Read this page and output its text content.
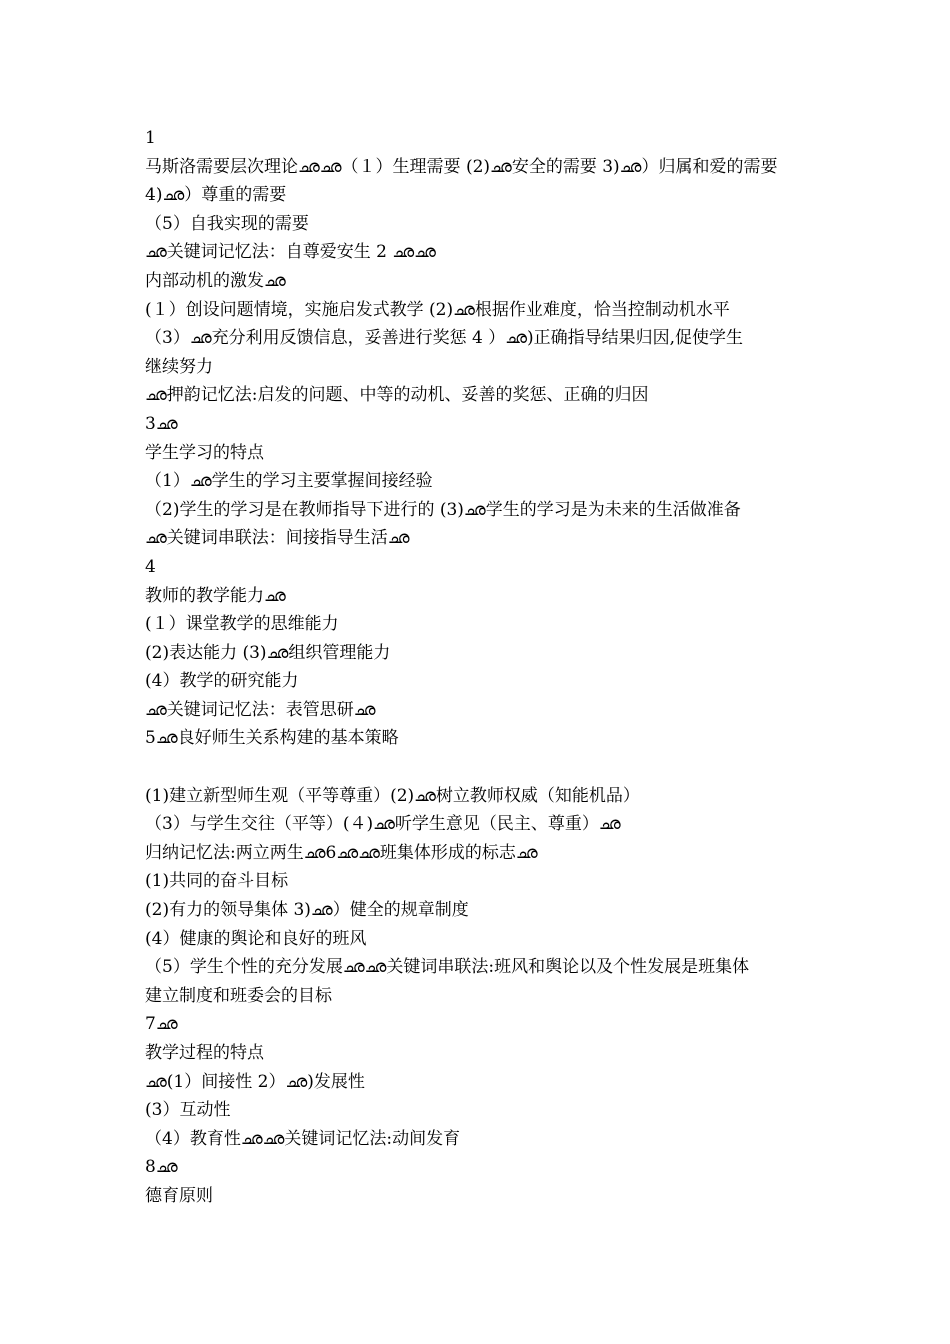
1
马斯洛需要层次理论ഛഛ（１）生理需要 (2)ഛ安全的需要 3)ഛ）归属和爱的需要
4)ഛ）尊重的需要
（5）自我实现的需要
ഛ关键词记忆法：自尊爱安生 2 ഛഛ
内部动机的激发ഛ
(１）创设问题情境，实施启发式教学 (2)ഛ根据作业难度，恰当控制动机水平
（3）ഛ充分利用反馈信息，妥善进行奖惩 4 ）ഛ)正确指导结果归因,促使学生
继续努力
ഛ押韵记忆法:启发的问题、中等的动机、妥善的奖惩、正确的归因
3ഛ
学生学习的特点
（1）ഛ学生的学习主要掌握间接经验
（2)学生的学习是在教师指导下进行的 (3)ഛ学生的学习是为未来的生活做准备
ഛ关键词串联法：间接指导生活ഛ
4
教师的教学能力ഛ
(１）课堂教学的思维能力
(2)表达能力 (3)ഛ组织管理能力
(4）教学的研究能力
ഛ关键词记忆法：表管思研ഛ
5ഛ良好师生关系构建的基本策略
(1)建立新型师生观（平等尊重）(2)ഛ树立教师权威（知能机品）
（3）与学生交往（平等）(４)ഛ听学生意见（民主、尊重）ഛ
归纳记忆法:两立两生ഛ6ഛഛ班集体形成的标志ഛ
(1)共同的奋斗目标
(2)有力的领导集体 3)ഛ）健全的规章制度
(4）健康的舆论和良好的班风
（5）学生个性的充分发展ഛഛ关键词串联法:班风和舆论以及个性发展是班集体
建立制度和班委会的目标
7ഛ
教学过程的特点
ഛ(1）间接性 2）ഛ)发展性
(3）互动性
（4）教育性ഛഛ关键词记忆法:动间发育
8ഛ
德育原则
